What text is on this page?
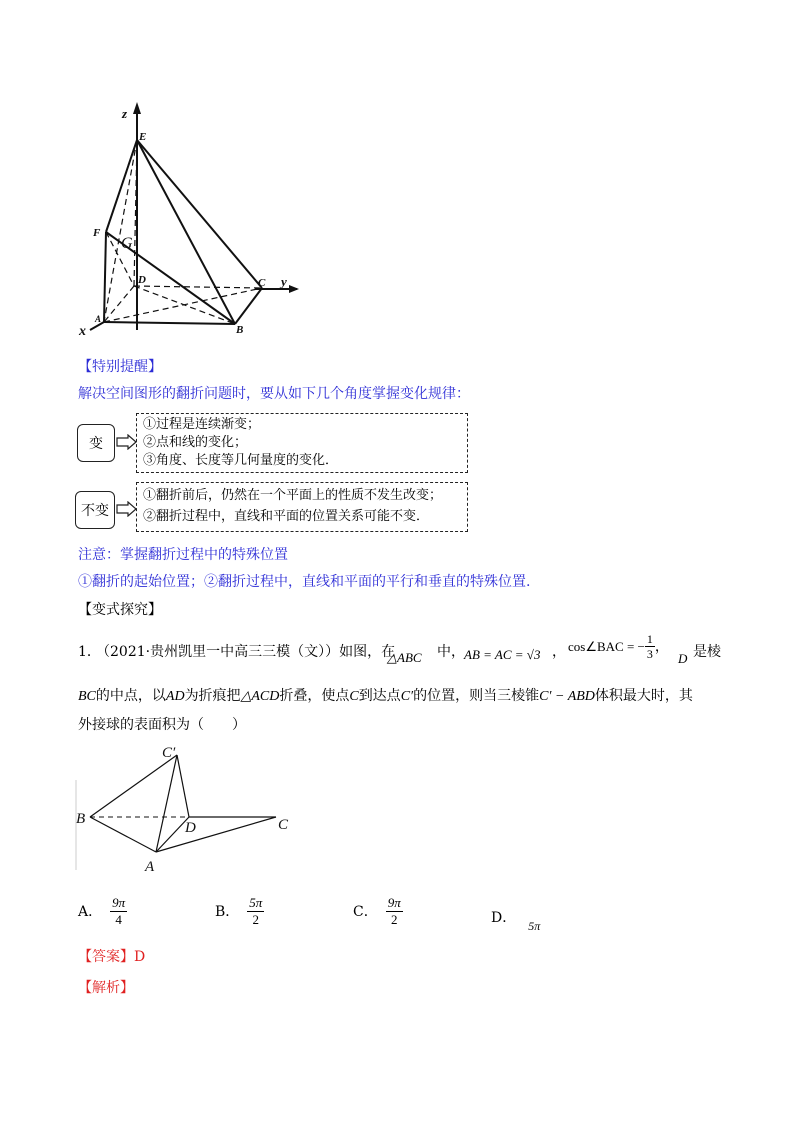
z
E
F
G
D	C y
A
B
x
【特别提醒】
解决空间图形的翻折问题时，要从如下几个角度掌握变化规律：
变
①过程是连续渐变；
②点和线的变化；
③角度、长度等几何量度的变化．
不变
①翻折前后，仍然在一个平面上的性质不发生改变；
②翻折过程中，直线和平面的位置关系可能不变．
注意：掌握翻折过程中的特殊位置
①翻折的起始位置；②翻折过程中，直线和平面的平行和垂直的特殊位置.
【变式探究】
1．
（2021·贵州凯里一中高三三模（文））如图，在
△ABC 中， AB = AC = √3 ， cos∠BAC = − $\frac{1}{3}$ ，
D 是棱
BC 的中点，以 AD 为折痕把 △ACD 折叠，使点 C 到达点 C′ 的位置，则当三棱锥 C′ − ABD 体积最大时，其
外接球的表面积为（　　）
C′
B
D	C
A
A． $\frac{9\pi}{4}$	B． $\frac{5\pi}{2}$	C． $\frac{9\pi}{2}$	D． 5π
【答案】D
【解析】
